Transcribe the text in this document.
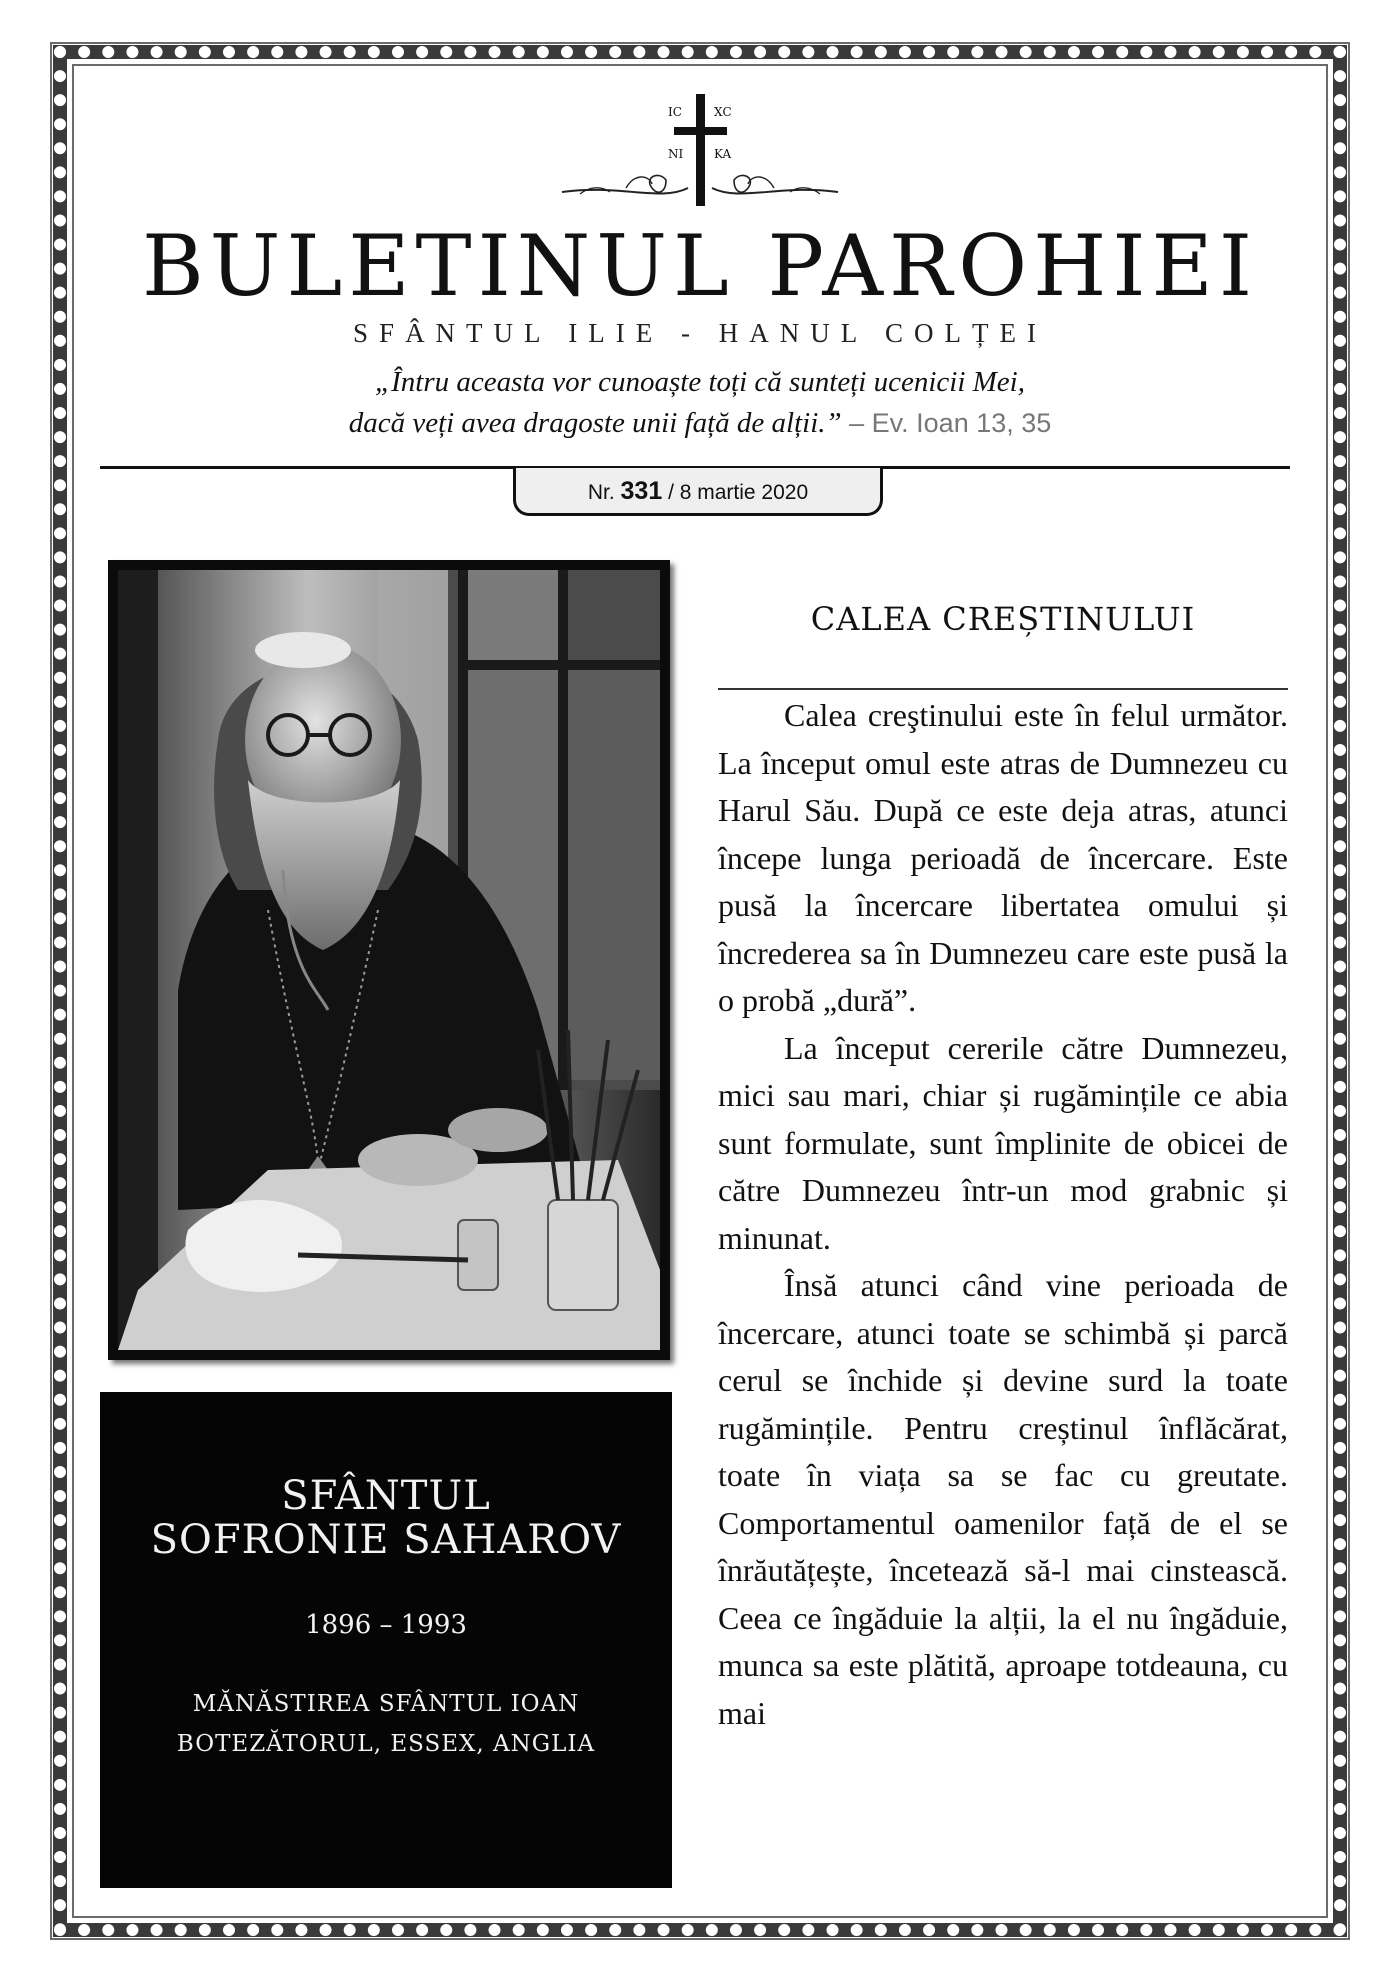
IC	ΧC
NI	KA
BULETINUL PAROHIEI
SFÂNTUL ILIE - HANUL COLȚEI
„Întru aceasta vor cunoaște toți că sunteți ucenicii Mei,
dacă veți avea dragoste unii față de alții.” – Ev. Ioan 13, 35
Nr. 331 / 8 martie 2020
SFÂNTUL
SOFRONIE SAHAROV
1896 – 1993
MĂNĂSTIREA SFÂNTUL IOAN
BOTEZĂTORUL, ESSEX, ANGLIA
CALEA CREȘTINULUI

Calea creştinului este în felul următor. La început omul este atras de Dumnezeu cu Harul Său. După ce este deja atras, atunci începe lunga perioadă de încercare. Este pusă la încercare libertatea omului și încrederea sa în Dumnezeu care este pusă la o probă „dură”.

La început cererile către Dumnezeu, mici sau mari, chiar și rugămințile ce abia sunt formulate, sunt împlinite de obicei de către Dumnezeu într-un mod grabnic și minunat.

Însă atunci când vine perioada de încercare, atunci toate se schimbă și parcă cerul se închide și devine surd la toate rugămințile. Pentru creștinul înflăcărat, toate în viața sa se fac cu greutate. Comportamentul oamenilor față de el se înrăutățește, încetează să-l mai cinstească. Ceea ce îngăduie la alții, la el nu îngăduie, munca sa este plătită, aproape totdeauna, cu mai
